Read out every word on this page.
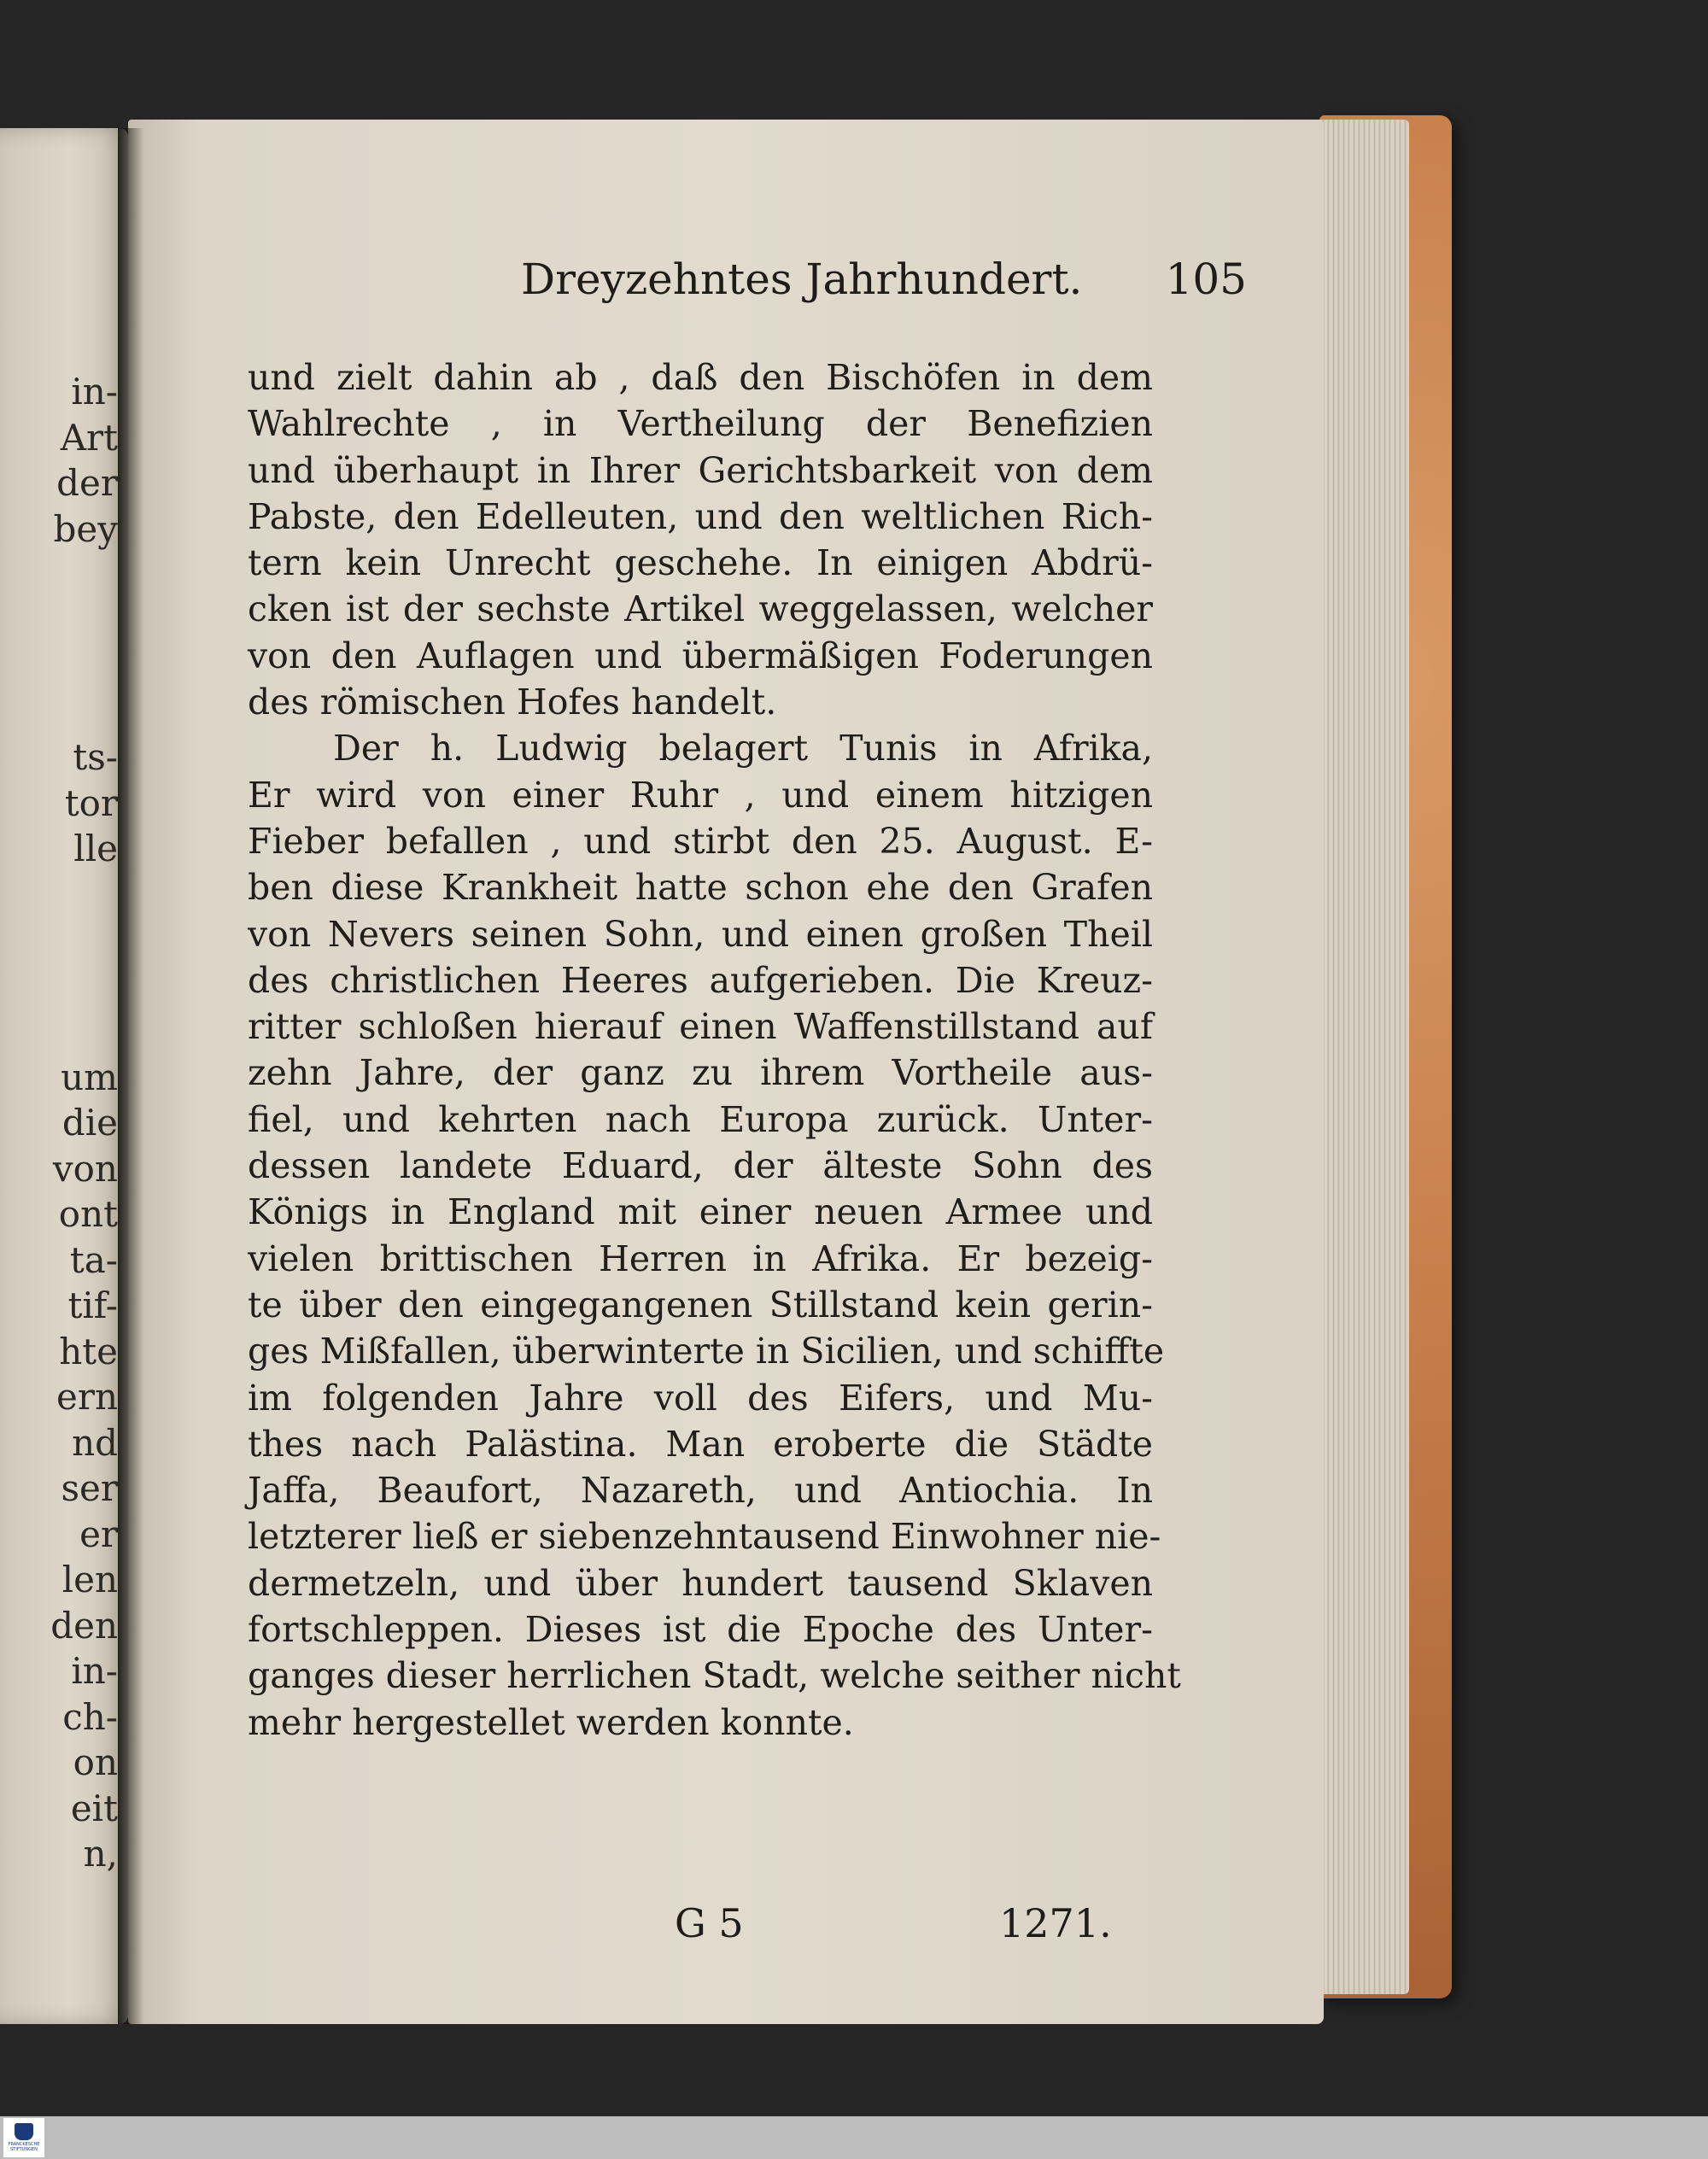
in-
Art
der
bey
ts-
tor
lle
um
die
von
ont
ta-
tif-
hte
ern
nd
ser
er
len
den
in-
ch-
on
eit
n,
Dreyzehntes Jahrhundert. 105
und zielt dahin ab , daß den Bischöfen in dem
Wahlrechte , in Vertheilung der Benefizien
und überhaupt in Ihrer Gerichtsbarkeit von dem
Pabste, den Edelleuten, und den weltlichen Rich-
tern kein Unrecht geschehe. In einigen Abdrü-
cken ist der sechste Artikel weggelassen, welcher
von den Auflagen und übermäßigen Foderungen
des römischen Hofes handelt.
Der h. Ludwig belagert Tunis in Afrika,
Er wird von einer Ruhr , und einem hitzigen
Fieber befallen , und stirbt den 25. August. E-
ben diese Krankheit hatte schon ehe den Grafen
von Nevers seinen Sohn, und einen großen Theil
des christlichen Heeres aufgerieben. Die Kreuz-
ritter schloßen hierauf einen Waffenstillstand auf
zehn Jahre, der ganz zu ihrem Vortheile aus-
fiel, und kehrten nach Europa zurück. Unter-
dessen landete Eduard, der älteste Sohn des
Königs in England mit einer neuen Armee und
vielen brittischen Herren in Afrika. Er bezeig-
te über den eingegangenen Stillstand kein gerin-
ges Mißfallen, überwinterte in Sicilien, und schiffte
im folgenden Jahre voll des Eifers, und Mu-
thes nach Palästina. Man eroberte die Städte
Jaffa, Beaufort, Nazareth, und Antiochia. In
letzterer ließ er siebenzehntausend Einwohner nie-
dermetzeln, und über hundert tausend Sklaven
fortschleppen. Dieses ist die Epoche des Unter-
ganges dieser herrlichen Stadt, welche seither nicht
mehr hergestellet werden konnte.
G 5	1271.
FRANCKESCHE
STIFTUNGEN
